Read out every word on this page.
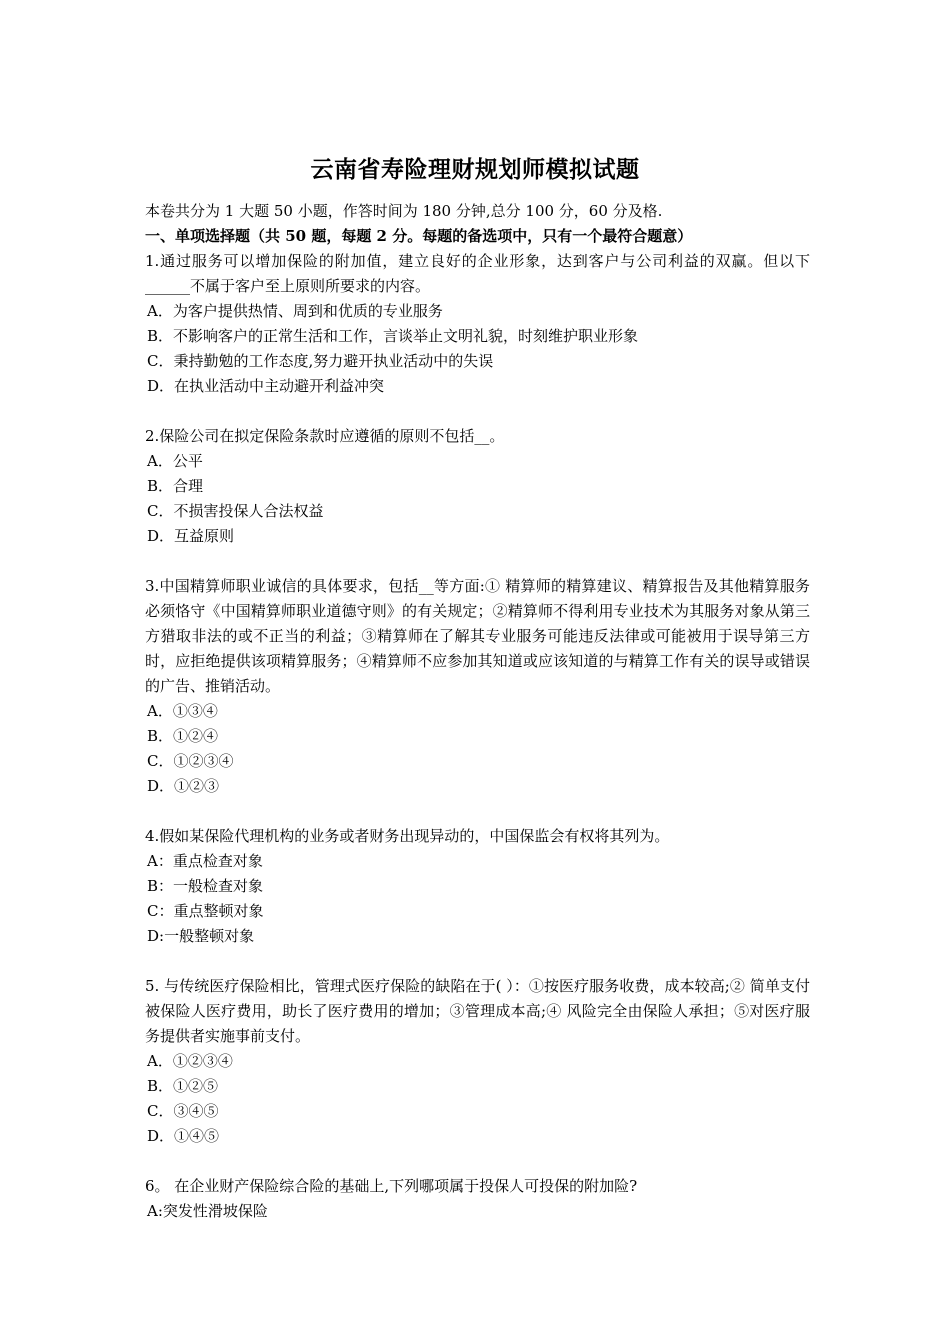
云南省寿险理财规划师模拟试题
本卷共分为 1 大题 50 小题，作答时间为 180 分钟,总分 100 分，60 分及格.
一、单项选择题（共 50 题，每题 2 分。每题的备选项中，只有一个最符合题意）
1.通过服务可以增加保险的附加值，建立良好的企业形象，达到客户与公司利益的双赢。但以下______不属于客户至上原则所要求的内容。
A．为客户提供热情、周到和优质的专业服务
B．不影响客户的正常生活和工作，言谈举止文明礼貌，时刻维护职业形象
C．秉持勤勉的工作态度,努力避开执业活动中的失误
D．在执业活动中主动避开利益冲突
2.保险公司在拟定保险条款时应遵循的原则不包括__。
A．公平
B．合理
C．不损害投保人合法权益
D．互益原则
3.中国精算师职业诚信的具体要求，包括__等方面:① 精算师的精算建议、精算报告及其他精算服务必须恪守《中国精算师职业道德守则》的有关规定；②精算师不得利用专业技术为其服务对象从第三方猎取非法的或不正当的利益；③精算师在了解其专业服务可能违反法律或可能被用于误导第三方时，应拒绝提供该项精算服务；④精算师不应参加其知道或应该知道的与精算工作有关的误导或错误的广告、推销活动。
A．①③④
B．①②④
C．①②③④
D．①②③
4.假如某保险代理机构的业务或者财务出现异动的，中国保监会有权将其列为。
A：重点检查对象
B：一般检查对象
C：重点整顿对象
D:一般整顿对象
5. 与传统医疗保险相比，管理式医疗保险的缺陷在于( ）：①按医疗服务收费，成本较高;② 简单支付被保险人医疗费用，助长了医疗费用的增加；③管理成本高;④ 风险完全由保险人承担；⑤对医疗服务提供者实施事前支付。
A．①②③④
B．①②⑤
C．③④⑤
D．①④⑤
6。 在企业财产保险综合险的基础上,下列哪项属于投保人可投保的附加险?
A:突发性滑坡保险
